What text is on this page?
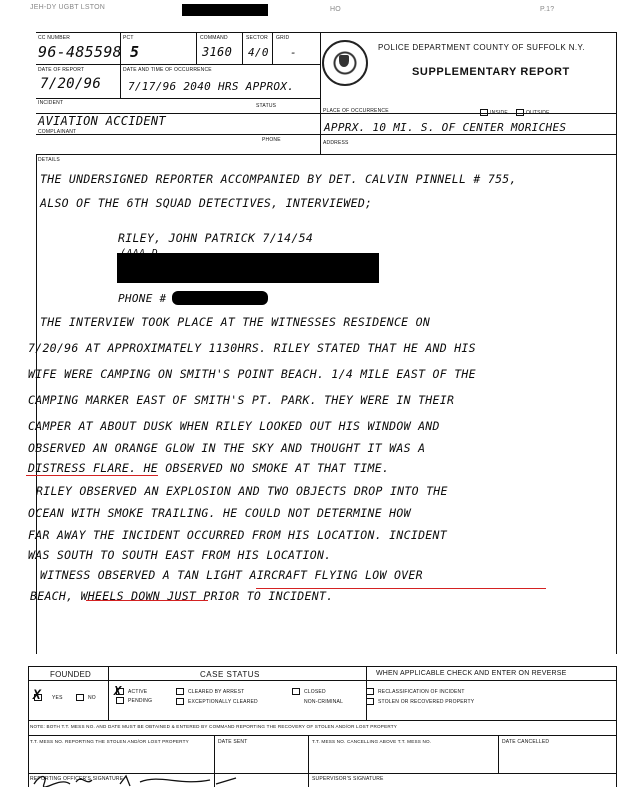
JEH-DY UGBT LSTON	HO	P.1?
CC NUMBER
96-485598
PCT
5
COMMAND
3160
SECTOR
4/0
GRID
-
DATE OF REPORT
7/20/96
DATE AND TIME OF OCCURRENCE
7/17/96 2040 HRS APPROX.
INCIDENT	STATUS
AVIATION ACCIDENT
COMPLAINANT
PHONE
POLICE DEPARTMENT COUNTY OF SUFFOLK N.Y.
SUPPLEMENTARY REPORT
PLACE OF OCCURRENCE	INSIDE	OUTSIDE
APPRX. 10 MI. S. OF CENTER MORICHES
ADDRESS
DETAILS
THE UNDERSIGNED REPORTER ACCOMPANIED BY DET. CALVIN PINNELL # 755,
ALSO OF THE 6TH SQUAD DETECTIVES, INTERVIEWED;
RILEY, JOHN PATRICK 7/14/54
PHONE #
THE INTERVIEW TOOK PLACE AT THE WITNESSES RESIDENCE ON
7/20/96 AT APPROXIMATELY 1130HRS. RILEY STATED THAT HE AND HIS
WIFE WERE CAMPING ON SMITH'S POINT BEACH. 1/4 MILE EAST OF THE
CAMPING MARKER EAST OF SMITH'S PT. PARK. THEY WERE IN THEIR
CAMPER AT ABOUT DUSK WHEN RILEY LOOKED OUT HIS WINDOW AND
OBSERVED AN ORANGE GLOW IN THE SKY AND THOUGHT IT WAS A
DISTRESS FLARE. HE OBSERVED NO SMOKE AT THAT TIME.
RILEY OBSERVED AN EXPLOSION AND TWO OBJECTS DROP INTO THE
OCEAN WITH SMOKE TRAILING. HE COULD NOT DETERMINE HOW
FAR AWAY THE INCIDENT OCCURRED FROM HIS LOCATION. INCIDENT
WAS SOUTH TO SOUTH EAST FROM HIS LOCATION.
WITNESS OBSERVED A TAN LIGHT AIRCRAFT FLYING LOW OVER
BEACH, WHEELS DOWN JUST PRIOR TO INCIDENT.
FOUNDED	CASE STATUS	WHEN APPLICABLE CHECK AND ENTER ON REVERSE
X YES	NO X ACTIVE
PENDING
CLEARED BY ARREST
EXCEPTIONALLY CLEARED
CLOSED
NON-CRIMINAL
RECLASSIFICATION OF INCIDENT
STOLEN OR RECOVERED PROPERTY
NOTE: BOTH T.T. MESS NO. AND DATE MUST BE OBTAINED & ENTERED BY COMMAND REPORTING THE RECOVERY OF STOLEN AND/OR LOST PROPERTY
T.T. MESS NO. REPORTING THE STOLEN AND/OR LOST PROPERTY	DATE SENT	T.T. MESS NO. CANCELLING ABOVE T.T. MESS NO.	DATE CANCELLED
REPORTING OFFICER'S SIGNATURE	SUPERVISOR'S SIGNATURE
